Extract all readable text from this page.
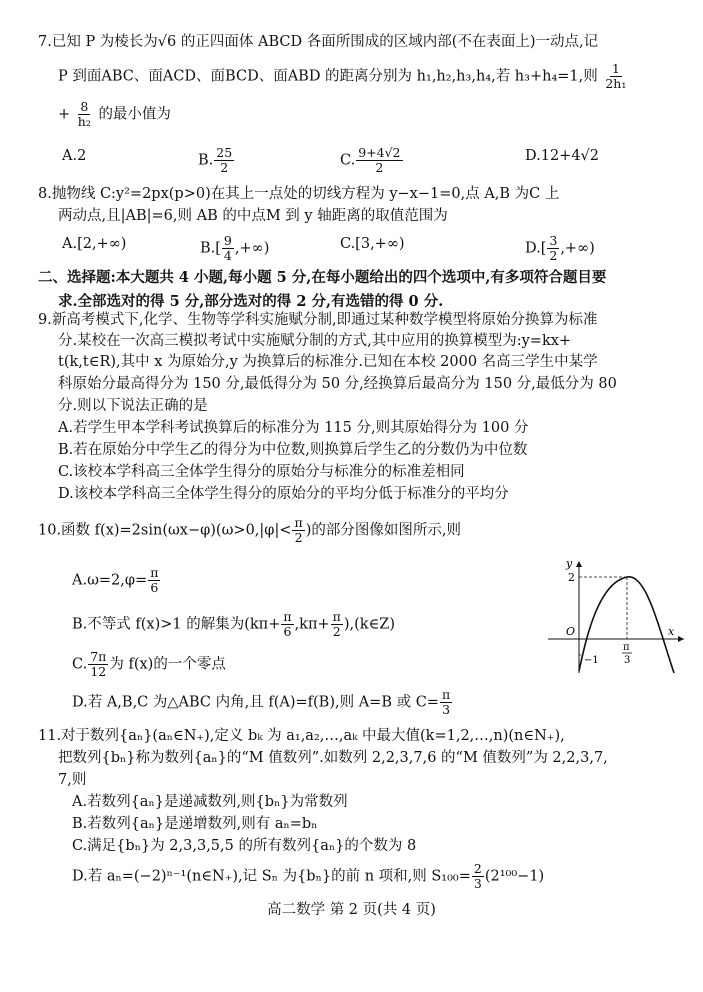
7.已知 P 为棱长为√6 的正四面体 ABCD 各面所围成的区域内部(不在表面上)一动点,记
P 到面ABC、面ACD、面BCD、面ABD 的距离分别为 h₁,h₂,h₃,h₄,若 h₃+h₄=1,则 $\frac{1}{\text{2h₁}}$
+ $\frac{8}{\text{h₂}}$ 的最小值为
A.2	B. $\frac{25}{2}$	C. $\frac{9+4√2}{2}$	D.12+4√2
8.抛物线 C:y²=2px(p>0)在其上一点处的切线方程为 y−x−1=0,点 A,B 为C 上
两动点,且|AB|=6,则 AB 的中点M 到 y 轴距离的取值范围为
A.[2,+∞)	$B.[ \frac{9}{4}$ ,+∞)	C.[3,+∞)	$D.[ \frac{3}{2}$ ,+∞)
二、选择题:本大题共 4 小题,每小题 5 分,在每小题给出的四个选项中,有多项符合题目要
求.全部选对的得 5 分,部分选对的得 2 分,有选错的得 0 分.
9.新高考模式下,化学、生物等学科实施赋分制,即通过某种数学模型将原始分换算为标准
分.某校在一次高三模拟考试中实施赋分制的方式,其中应用的换算模型为:y=kx+
t(k,t∈R),其中 x 为原始分,y 为换算后的标准分.已知在本校 2000 名高三学生中某学
科原始分最高得分为 150 分,最低得分为 50 分,经换算后最高分为 150 分,最低分为 80
分.则以下说法正确的是
A.若学生甲本学科考试换算后的标准分为 115 分,则其原始得分为 100 分
B.若在原始分中学生乙的得分为中位数,则换算后学生乙的分数仍为中位数
C.该校本学科高三全体学生得分的原始分与标准分的标准差相同
D.该校本学科高三全体学生得分的原始分的平均分低于标准分的平均分
10.函数 $f(x)=2\sin(\omega x-\varphi)(\omega>0,|\varphi|< \frac{\pi}{2}$ )的部分图像如图所示,则
$A.\omega=2,\varphi= \frac{\pi}{6}$
B.不等式 f(x)>1 的解集为($k\pi+ \frac{\pi}{6} ,k\pi+ \frac{\pi}{2}$ ),(k∈Z)
C. $\frac{7\pi}{12}$ 为 f(x)的一个零点
D.若 A,B,C 为△ABC 内角,且 f(A)=f(B),则 A=B 或 $C= \frac{\pi}{3}$
y
x
O
2
−1
π
3
11.对于数列{aₙ}(aₙ∈N₊),定义 bₖ 为 a₁,a₂,…,aₖ 中最大值(k=1,2,…,n)(n∈N₊),
把数列{bₙ}称为数列{aₙ}的“M 值数列”.如数列 2,2,3,7,6 的“M 值数列”为 2,2,3,7,
7,则
A.若数列{aₙ}是递减数列,则{bₙ}为常数列
B.若数列{aₙ}是递增数列,则有 aₙ=bₙ
C.满足{bₙ}为 2,3,3,5,5 的所有数列{aₙ}的个数为 8
D.若 aₙ=(−2)ⁿ⁻¹(n∈N₊),记 Sₙ 为{bₙ}的前 n 项和,则 $S_{100}= \frac{2}{3} (2^{100}-1)$
高二数学 第 2 页(共 4 页)
